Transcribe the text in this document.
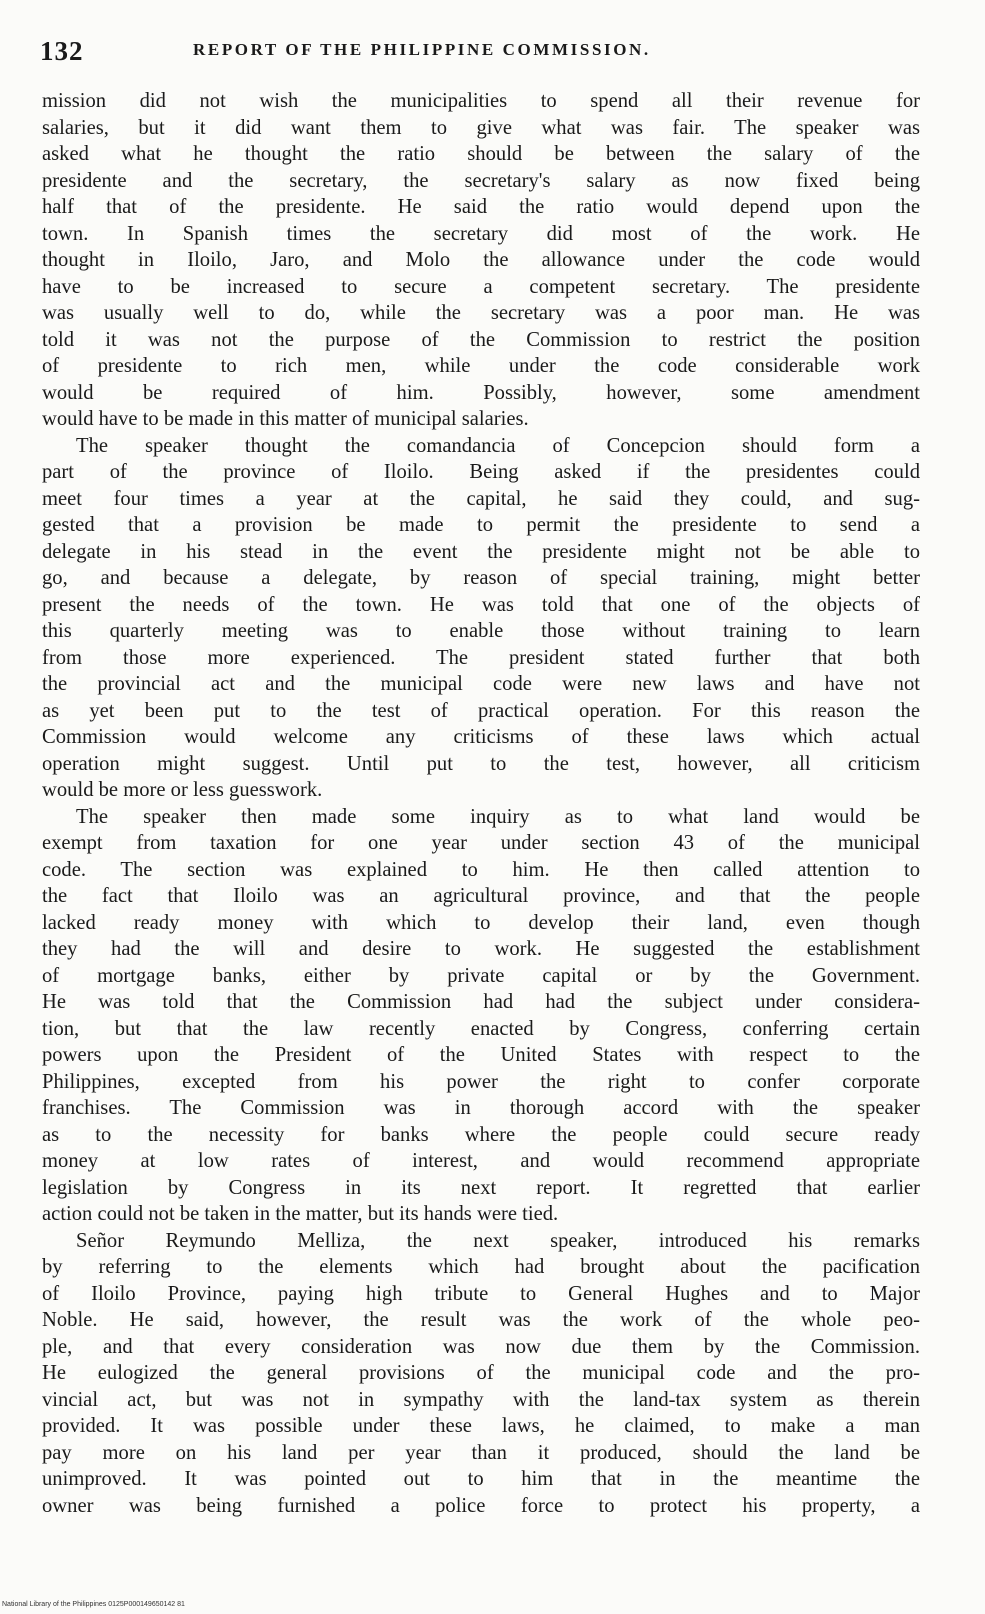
132	REPORT OF THE PHILIPPINE COMMISSION.

mission did not wish the municipalities to spend all their revenue for

salaries, but it did want them to give what was fair. The speaker was

asked what he thought the ratio should be between the salary of the

presidente and the secretary, the secretary's salary as now fixed being

half that of the presidente. He said the ratio would depend upon the

town. In Spanish times the secretary did most of the work. He

thought in Iloilo, Jaro, and Molo the allowance under the code would

have to be increased to secure a competent secretary. The presidente

was usually well to do, while the secretary was a poor man. He was

told it was not the purpose of the Commission to restrict the position

of presidente to rich men, while under the code considerable work

would be required of him. Possibly, however, some amendment

would have to be made in this matter of municipal salaries.

The speaker thought the comandancia of Concepcion should form a

part of the province of Iloilo. Being asked if the presidentes could

meet four times a year at the capital, he said they could, and sug-

gested that a provision be made to permit the presidente to send a

delegate in his stead in the event the presidente might not be able to

go, and because a delegate, by reason of special training, might better

present the needs of the town. He was told that one of the objects of

this quarterly meeting was to enable those without training to learn

from those more experienced. The president stated further that both

the provincial act and the municipal code were new laws and have not

as yet been put to the test of practical operation. For this reason the

Commission would welcome any criticisms of these laws which actual

operation might suggest. Until put to the test, however, all criticism

would be more or less guesswork.

The speaker then made some inquiry as to what land would be

exempt from taxation for one year under section 43 of the municipal

code. The section was explained to him. He then called attention to

the fact that Iloilo was an agricultural province, and that the people

lacked ready money with which to develop their land, even though

they had the will and desire to work. He suggested the establishment

of mortgage banks, either by private capital or by the Government.

He was told that the Commission had had the subject under considera-

tion, but that the law recently enacted by Congress, conferring certain

powers upon the President of the United States with respect to the

Philippines, excepted from his power the right to confer corporate

franchises. The Commission was in thorough accord with the speaker

as to the necessity for banks where the people could secure ready

money at low rates of interest, and would recommend appropriate

legislation by Congress in its next report. It regretted that earlier

action could not be taken in the matter, but its hands were tied.

Señor Reymundo Melliza, the next speaker, introduced his remarks

by referring to the elements which had brought about the pacification

of Iloilo Province, paying high tribute to General Hughes and to Major

Noble. He said, however, the result was the work of the whole peo-

ple, and that every consideration was now due them by the Commission.

He eulogized the general provisions of the municipal code and the pro-

vincial act, but was not in sympathy with the land-tax system as therein

provided. It was possible under these laws, he claimed, to make a man

pay more on his land per year than it produced, should the land be

unimproved. It was pointed out to him that in the meantime the

owner was being furnished a police force to protect his property, a

National Library of the Philippines 0125P000149650142 81
